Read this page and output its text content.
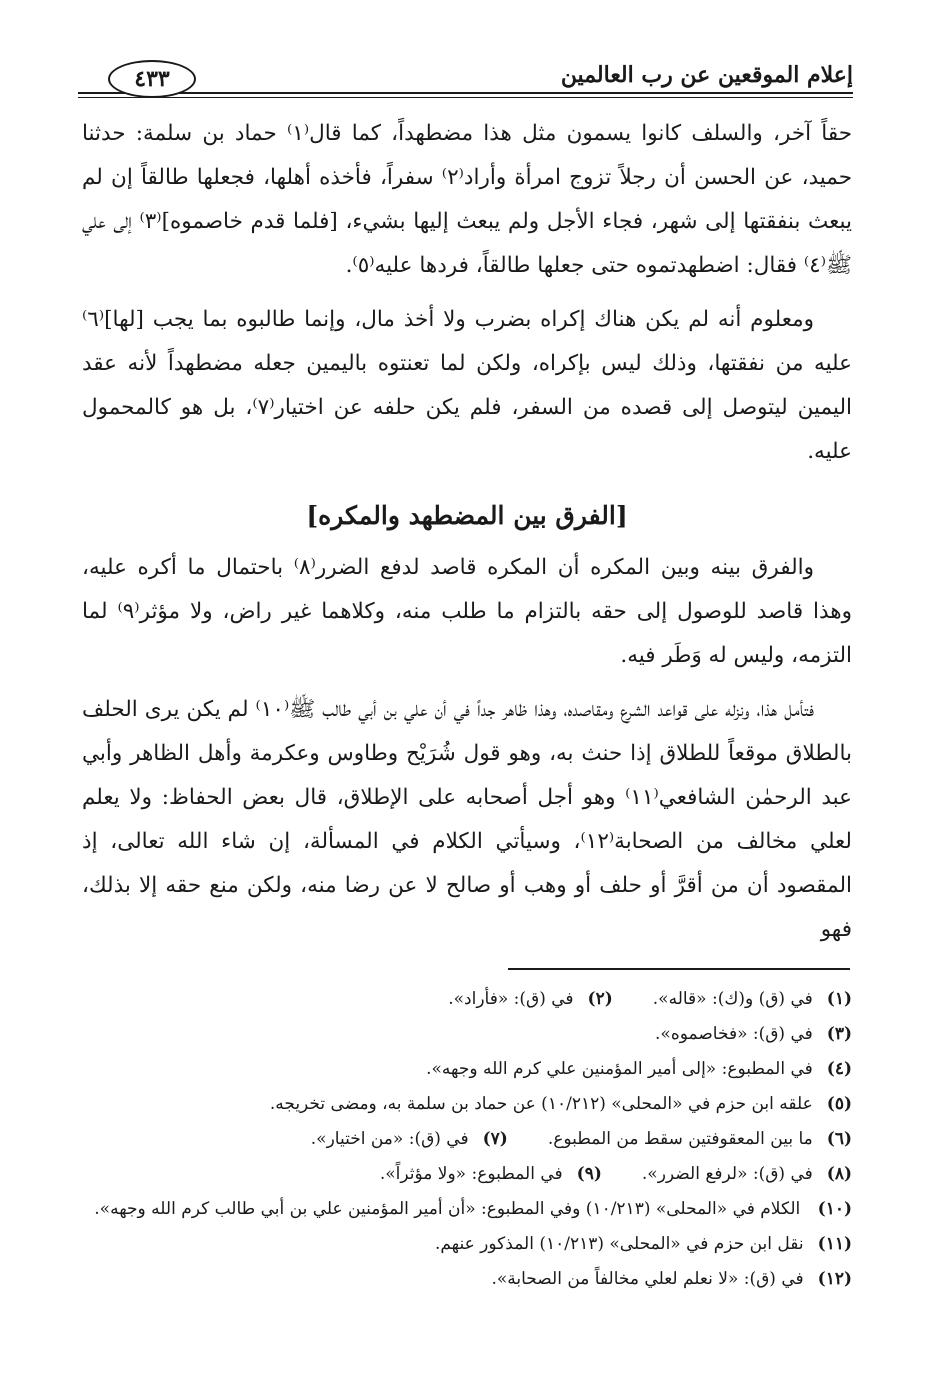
إعلام الموقعين عن رب العالمين
٤٣٣

حقاً آخر، والسلف كانوا يسمون مثل هذا مضطهداً، كما قال⁽١⁾ حماد بن سلمة: حدثنا حميد، عن الحسن أن رجلاً تزوج امرأة وأراد⁽٢⁾ سفراً، فأخذه أهلها، فجعلها طالقاً إن لم يبعث بنفقتها إلى شهر، فجاء الأجل ولم يبعث إليها بشيء، [فلما قدم خاصموه]⁽٣⁾ إلى علي ﷺ⁽٤⁾ فقال: اضطهدتموه حتى جعلها طالقاً، فردها عليه⁽٥⁾.

ومعلوم أنه لم يكن هناك إكراه بضرب ولا أخذ مال، وإنما طالبوه بما يجب [لها]⁽٦⁾ عليه من نفقتها، وذلك ليس بإكراه، ولكن لما تعنتوه باليمين جعله مضطهداً لأنه عقد اليمين ليتوصل إلى قصده من السفر، فلم يكن حلفه عن اختيار⁽٧⁾، بل هو كالمحمول عليه.

[الفرق بين المضطهد والمكره]

والفرق بينه وبين المكره أن المكره قاصد لدفع الضرر⁽٨⁾ باحتمال ما أكره عليه، وهذا قاصد للوصول إلى حقه بالتزام ما طلب منه، وكلاهما غير راض، ولا مؤثر⁽٩⁾ لما التزمه، وليس له وَطَر فيه.

فتأمل هذا، ونزله على قواعد الشرع ومقاصده، وهذا ظاهر جداً في أن علي بن أبي طالب ﷺ⁽١٠⁾ لم يكن يرى الحلف بالطلاق موقعاً للطلاق إذا حنث به، وهو قول شُرَيْح وطاوس وعكرمة وأهل الظاهر وأبي عبد الرحمٰن الشافعي⁽١١⁾ وهو أجل أصحابه على الإطلاق، قال بعض الحفاظ: ولا يعلم لعلي مخالف من الصحابة⁽١٢⁾، وسيأتي الكلام في المسألة، إن شاء الله تعالى، إذ المقصود أن من أقرَّ أو حلف أو وهب أو صالح لا عن رضا منه، ولكن منع حقه إلا بذلك، فهو

(١)
في (ق) و(ك): «قاله».
(٢)
في (ق): «فأراد».
(٣)
في (ق): «فخاصموه».
(٤)
في المطبوع: «إلى أمير المؤمنين علي كرم الله وجهه».
(٥)
علقه ابن حزم في «المحلى» (١٠/٢١٢) عن حماد بن سلمة به، ومضى تخريجه.
(٦)
ما بين المعقوفتين سقط من المطبوع.
(٧)
في (ق): «من اختيار».
(٨)
في (ق): «لرفع الضرر».
(٩)
في المطبوع: «ولا مؤثراً».
(١٠) الكلام في «المحلى» (١٠/٢١٣) وفي المطبوع: «أن أمير المؤمنين علي بن أبي طالب كرم الله وجهه».
(١١)
نقل ابن حزم في «المحلى» (١٠/٢١٣) المذكور عنهم.
(١٢)
في (ق): «لا نعلم لعلي مخالفاً من الصحابة».
